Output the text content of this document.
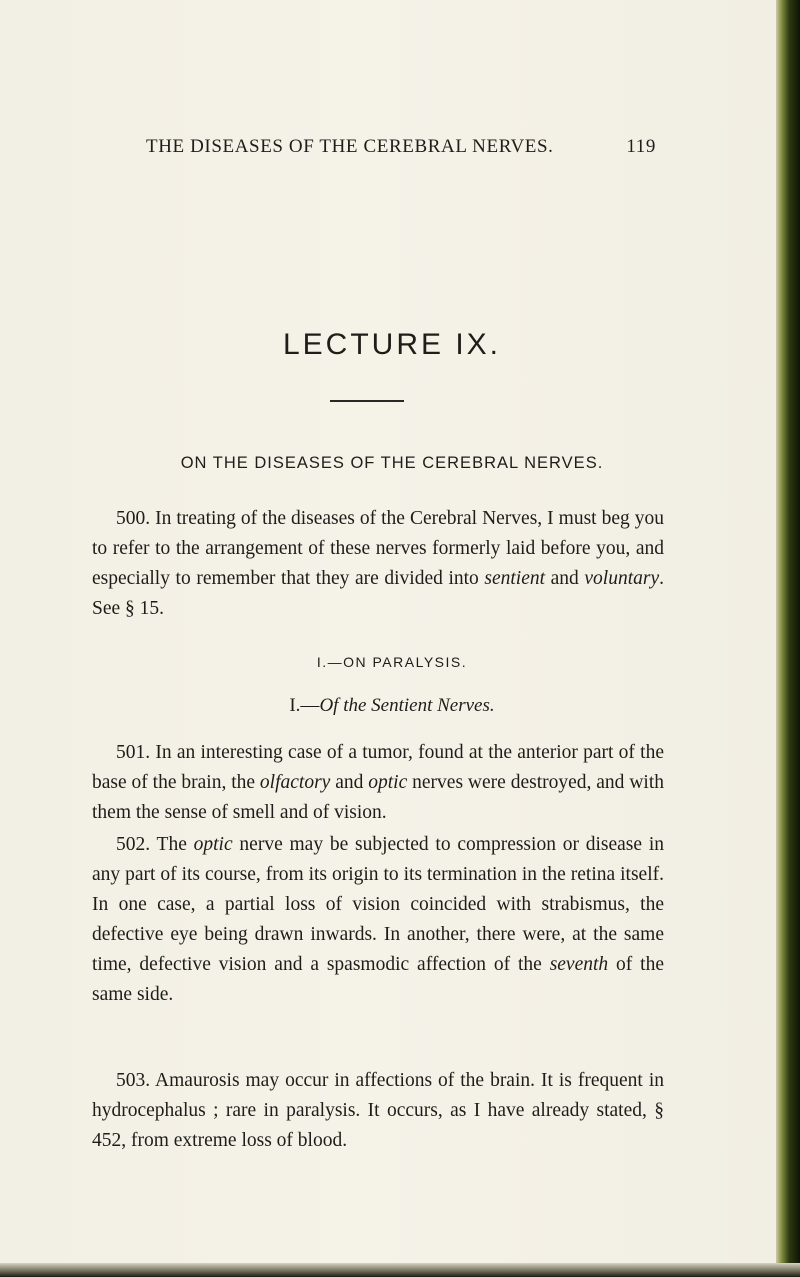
THE DISEASES OF THE CEREBRAL NERVES.	119
LECTURE IX.
ON THE DISEASES OF THE CEREBRAL NERVES.
500. In treating of the diseases of the Cerebral Nerves, I must beg you to refer to the arrangement of these nerves formerly laid before you, and especially to remember that they are divided into sentient and voluntary. See § 15.
I.—ON PARALYSIS.
I.—Of the Sentient Nerves.
501. In an interesting case of a tumor, found at the anterior part of the base of the brain, the olfactory and optic nerves were destroyed, and with them the sense of smell and of vision.
502. The optic nerve may be subjected to compression or disease in any part of its course, from its origin to its termination in the retina itself. In one case, a partial loss of vision coincided with strabismus, the defective eye being drawn inwards. In another, there were, at the same time, defective vision and a spasmodic affection of the seventh of the same side.
503. Amaurosis may occur in affections of the brain. It is frequent in hydrocephalus ; rare in paralysis. It occurs, as I have already stated, § 452, from extreme loss of blood.
